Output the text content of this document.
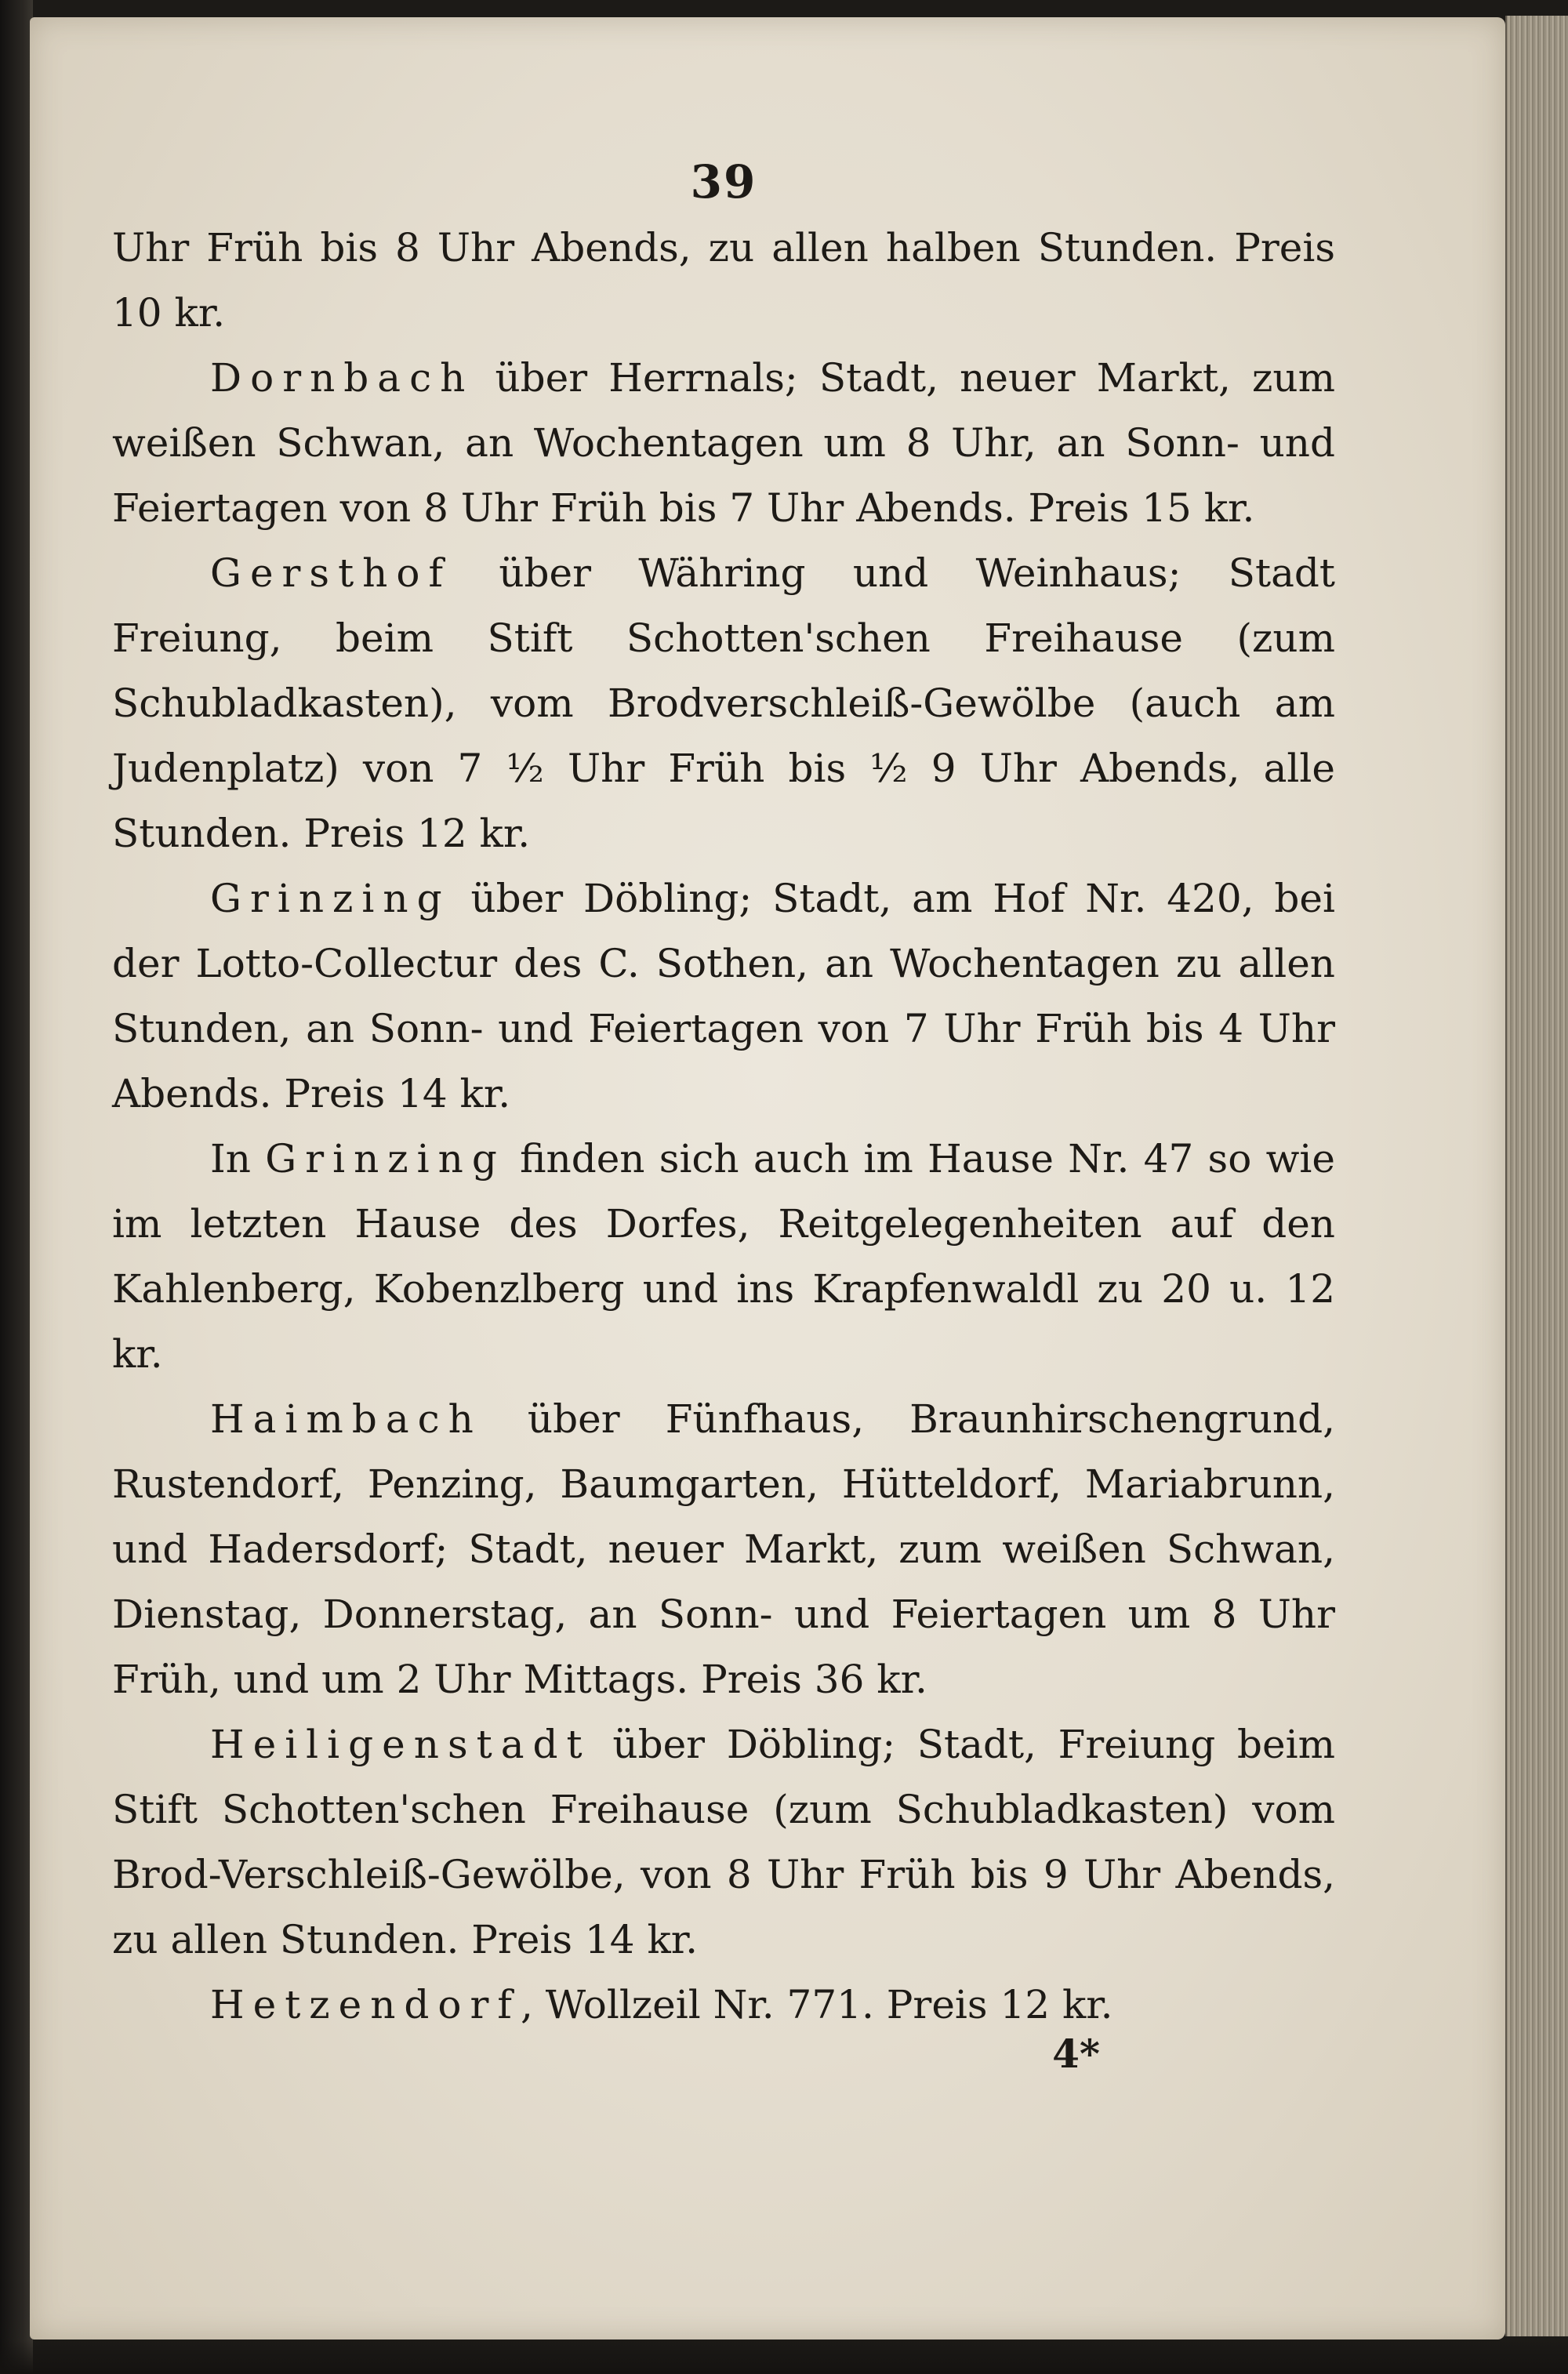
39

Uhr Früh bis 8 Uhr Abends, zu allen halben Stunden. Preis 10 kr.

Dornbach über Herrnals; Stadt, neuer Markt, zum weißen Schwan, an Wochentagen um 8 Uhr, an Sonn- und Feiertagen von 8 Uhr Früh bis 7 Uhr Abends. Preis 15 kr.

Gersthof über Währing und Weinhaus; Stadt Freiung, beim Stift Schotten'schen Freihause (zum Schubladkasten), vom Brodverschleiß-Gewölbe (auch am Judenplatz) von 7 ½ Uhr Früh bis ½ 9 Uhr Abends, alle Stunden. Preis 12 kr.

Grinzing über Döbling; Stadt, am Hof Nr. 420, bei der Lotto-Collectur des C. Sothen, an Wochentagen zu allen Stunden, an Sonn- und Feiertagen von 7 Uhr Früh bis 4 Uhr Abends. Preis 14 kr.

In Grinzing finden sich auch im Hause Nr. 47 so wie im letzten Hause des Dorfes, Reitgelegenheiten auf den Kahlenberg, Kobenzlberg und ins Krapfenwaldl zu 20 u. 12 kr.

Haimbach über Fünfhaus, Braunhirschengrund, Rustendorf, Penzing, Baumgarten, Hütteldorf, Mariabrunn, und Hadersdorf; Stadt, neuer Markt, zum weißen Schwan, Dienstag, Donnerstag, an Sonn- und Feiertagen um 8 Uhr Früh, und um 2 Uhr Mittags. Preis 36 kr.

Heiligenstadt über Döbling; Stadt, Freiung beim Stift Schotten'schen Freihause (zum Schubladkasten) vom Brod-Verschleiß-Gewölbe, von 8 Uhr Früh bis 9 Uhr Abends, zu allen Stunden. Preis 14 kr.

Hetzendorf, Wollzeil Nr. 771. Preis 12 kr.

4*
